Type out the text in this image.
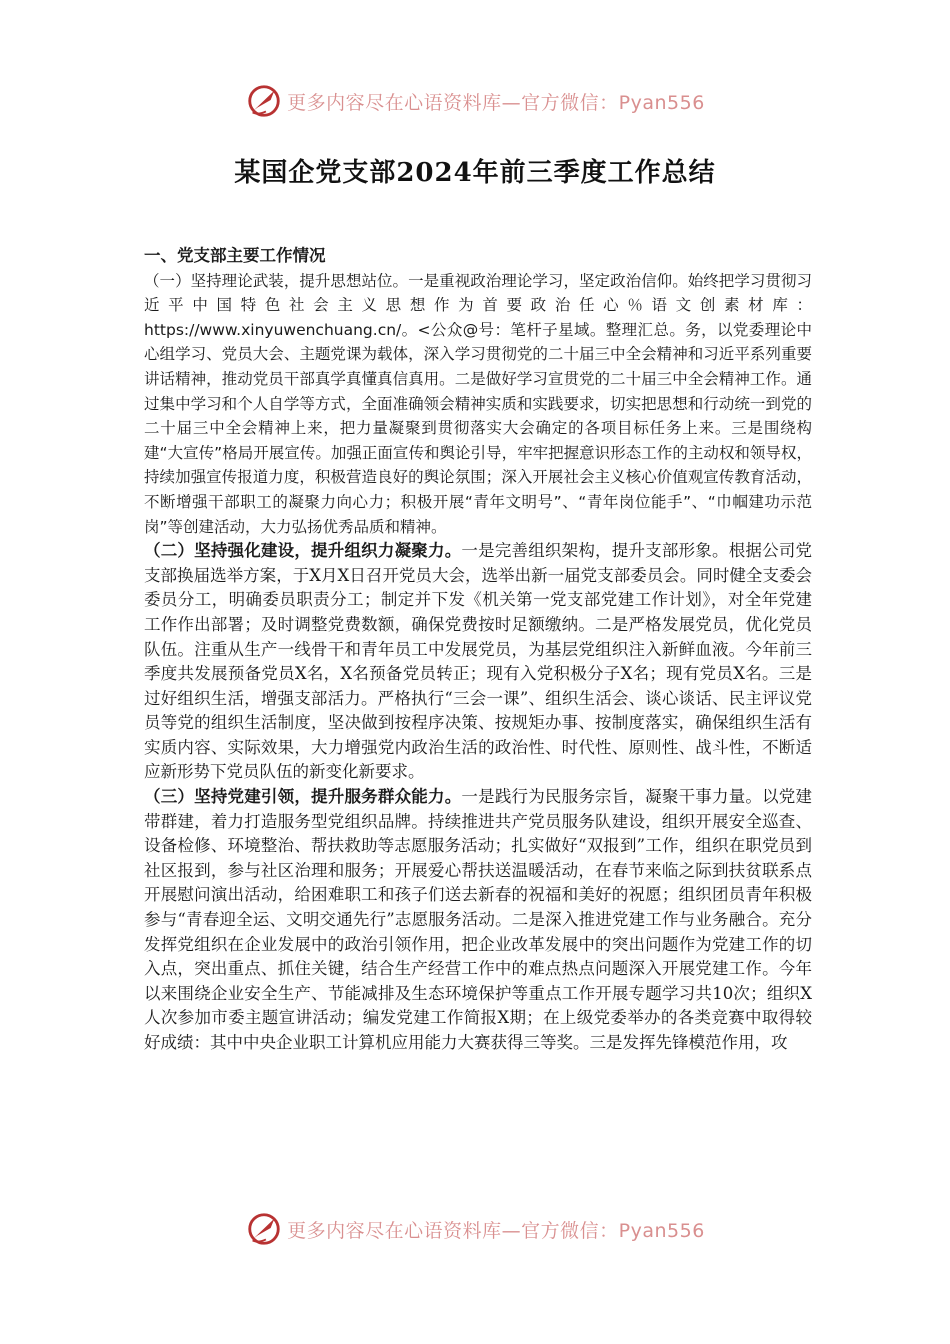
更多内容尽在心语资料库—官方微信：Pyan556
某国企党支部2024年前三季度工作总结

一、党支部主要工作情况

（一）坚持理论武装，提升思想站位。一是重视政治理论学习，坚定政治信仰。始终把学习贯彻习近平中国特色社会主义思想作为首要政治任心％语文创素材库：https://www.xinyuwenchuang.cn/。<公众@号：笔杆子星域。整理汇总。务，以党委理论中心组学习、党员大会、主题党课为载体，深入学习贯彻党的二十届三中全会精神和习近平系列重要讲话精神，推动党员干部真学真懂真信真用。二是做好学习宣贯党的二十届三中全会精神工作。通过集中学习和个人自学等方式，全面准确领会精神实质和实践要求，切实把思想和行动统一到党的二十届三中全会精神上来，把力量凝聚到贯彻落实大会确定的各项目标任务上来。三是围绕构建“大宣传”格局开展宣传。加强正面宣传和舆论引导，牢牢把握意识形态工作的主动权和领导权，持续加强宣传报道力度，积极营造良好的舆论氛围；深入开展社会主义核心价值观宣传教育活动，不断增强干部职工的凝聚力向心力；积极开展“青年文明号”、“青年岗位能手”、“巾帼建功示范岗”等创建活动，大力弘扬优秀品质和精神。

（二）坚持强化建设，提升组织力凝聚力。一是完善组织架构，提升支部形象。根据公司党支部换届选举方案，于X月X日召开党员大会，选举出新一届党支部委员会。同时健全支委会委员分工，明确委员职责分工；制定并下发《机关第一党支部党建工作计划》，对全年党建工作作出部署；及时调整党费数额，确保党费按时足额缴纳。二是严格发展党员，优化党员队伍。注重从生产一线骨干和青年员工中发展党员，为基层党组织注入新鲜血液。今年前三季度共发展预备党员X名，X名预备党员转正；现有入党积极分子X名；现有党员X名。三是过好组织生活，增强支部活力。严格执行“三会一课”、组织生活会、谈心谈话、民主评议党员等党的组织生活制度，坚决做到按程序决策、按规矩办事、按制度落实，确保组织生活有实质内容、实际效果，大力增强党内政治生活的政治性、时代性、原则性、战斗性，不断适应新形势下党员队伍的新变化新要求。

（三）坚持党建引领，提升服务群众能力。一是践行为民服务宗旨，凝聚干事力量。以党建带群建，着力打造服务型党组织品牌。持续推进共产党员服务队建设，组织开展安全巡查、设备检修、环境整治、帮扶救助等志愿服务活动；扎实做好“双报到”工作，组织在职党员到社区报到，参与社区治理和服务；开展爱心帮扶送温暖活动，在春节来临之际到扶贫联系点开展慰问演出活动，给困难职工和孩子们送去新春的祝福和美好的祝愿；组织团员青年积极参与“青春迎全运、文明交通先行”志愿服务活动。二是深入推进党建工作与业务融合。充分发挥党组织在企业发展中的政治引领作用，把企业改革发展中的突出问题作为党建工作的切入点，突出重点、抓住关键，结合生产经营工作中的难点热点问题深入开展党建工作。今年以来围绕企业安全生产、节能减排及生态环境保护等重点工作开展专题学习共10次；组织X人次参加市委主题宣讲活动；编发党建工作简报X期；在上级党委举办的各类竞赛中取得较好成绩：其中中央企业职工计算机应用能力大赛获得三等奖。三是发挥先锋模范作用，攻

更多内容尽在心语资料库—官方微信：Pyan556
